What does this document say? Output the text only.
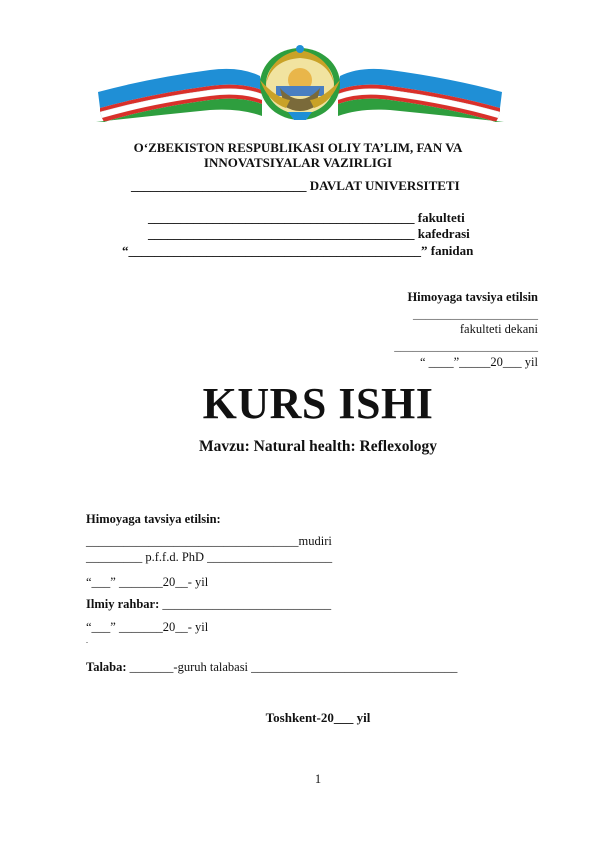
O‘ZBEKISTON RESPUBLIKASI OLIY TA’LIM, FAN VA
INNOVATSIYALAR VAZIRLIGI
___________________________ DAVLAT UNIVERSITETI
_________________________________________ fakulteti
_________________________________________ kafedrasi
“_____________________________________________” fanidan
Himoyaga tavsiya etilsin
____________________
fakulteti dekani
_______________________
“ ____”_____20___ yil
KURS ISHI
Mavzu: Natural health: Reflexology
Himoyaga tavsiya etilsin:
__________________________________mudiri
_________ p.f.f.d. PhD ____________________
“___” _______20__- yil
Ilmiy rahbar: ___________________________
“___” _______20__- yil
.
Talaba: _______-guruh talabasi _________________________________
Toshkent-20___ yil
1
